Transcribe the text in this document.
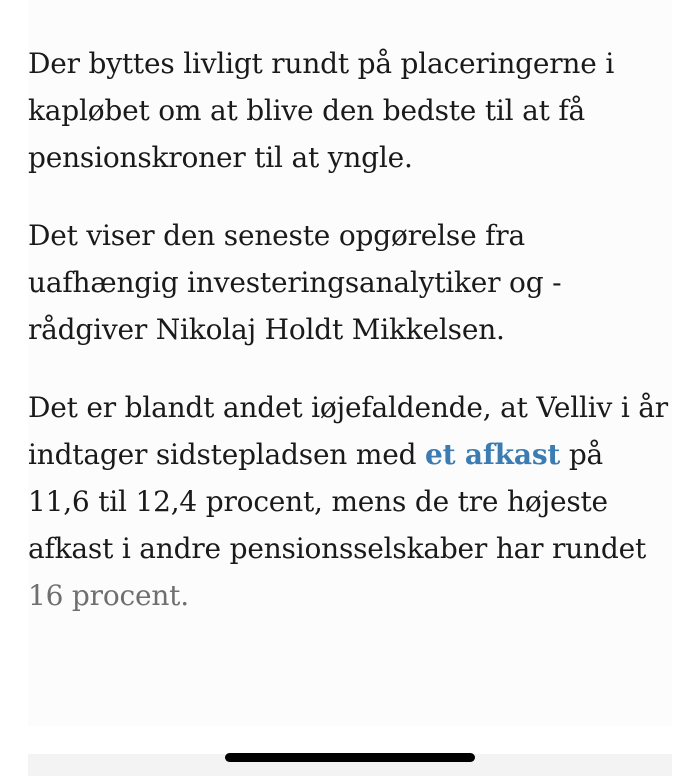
Der byttes livligt rundt på placeringerne i kapløbet om at blive den bedste til at få pensionskroner til at yngle.

Det viser den seneste opgørelse fra uafhængig investeringsanalytiker og -rådgiver Nikolaj Holdt Mikkelsen.

Det er blandt andet iøjefaldende, at Velliv i år indtager sidstepladsen med et afkast på 11,6 til 12,4 procent, mens de tre højeste afkast i andre pensionsselskaber har rundet 16 procent.
